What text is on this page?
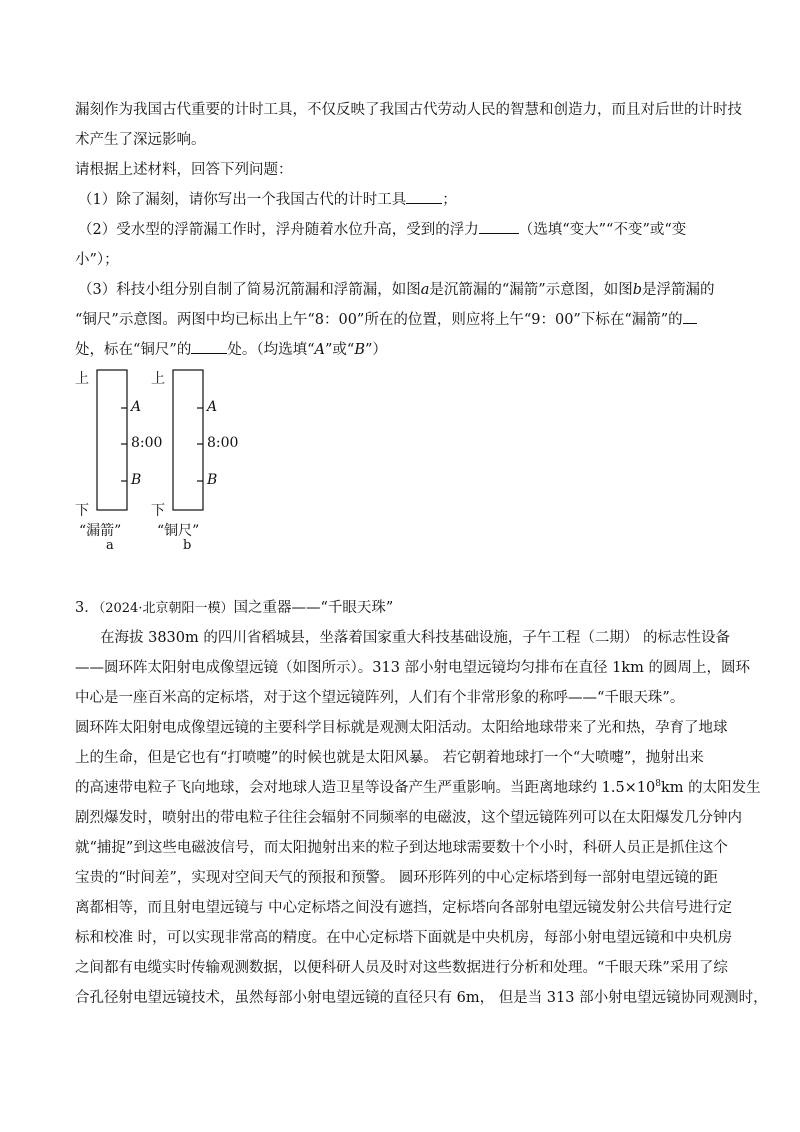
漏刻作为我国古代重要的计时工具，不仅反映了我国古代劳动人民的智慧和创造力，而且对后世的计时技
术产生了深远影响。
请根据上述材料，回答下列问题：
（1）除了漏刻，请你写出一个我国古代的计时工具 ；
（2）受水型的浮箭漏工作时，浮舟随着水位升高，受到的浮力	（选填“变大”“不变”或“变
小”）；
（3）科技小组分别自制了简易沉箭漏和浮箭漏，如图a是沉箭漏的“漏箭”示意图，如图b是浮箭漏的
“铜尺”示意图。两图中均已标出上午“8：00”所在的位置，则应将上午“9：00”下标在“漏箭”的
处，标在“铜尺”的 处。（均选填“A”或“B”）
上
A
8:00
B
下
“漏箭”
a
上
A
8:00
B
下
“铜尺”
b
3．（2024·北京朝阳一模）国之重器——“千眼天珠”
在海拔 3830m 的四川省稻城县，坐落着国家重大科技基础设施，子午工程（二期） 的标志性设备
——圆环阵太阳射电成像望远镜（如图所示）。313 部小射电望远镜均匀排布在直径 1km 的圆周上，圆环
中心是一座百米高的定标塔，对于这个望远镜阵列，人们有个非常形象的称呼——“千眼天珠”。
圆环阵太阳射电成像望远镜的主要科学目标就是观测太阳活动。太阳给地球带来了光和热，孕育了地球
上的生命，但是它也有“打喷嚏”的时候也就是太阳风暴。 若它朝着地球打一个“大喷嚏”，抛射出来
的高速带电粒子飞向地球，会对地球人造卫星等设备产生严重影响。当距离地球约 $1.5\times 10^8km$ 的太阳发生
剧烈爆发时，喷射出的带电粒子往往会辐射不同频率的电磁波，这个望远镜阵列可以在太阳爆发几分钟内
就“捕捉”到这些电磁波信号，而太阳抛射出来的粒子到达地球需要数十个小时，科研人员正是抓住这个
宝贵的“时间差”，实现对空间天气的预报和预警。 圆环形阵列的中心定标塔到每一部射电望远镜的距
离都相等，而且射电望远镜与 中心定标塔之间没有遮挡，定标塔向各部射电望远镜发射公共信号进行定
标和校准 时，可以实现非常高的精度。在中心定标塔下面就是中央机房，每部小射电望远镜和中央机房
之间都有电缆实时传输观测数据，以便科研人员及时对这些数据进行分析和处理。“千眼天珠”采用了综
合孔径射电望远镜技术，虽然每部小射电望远镜的直径只有 6m， 但是当 313 部小射电望远镜协同观测时，
